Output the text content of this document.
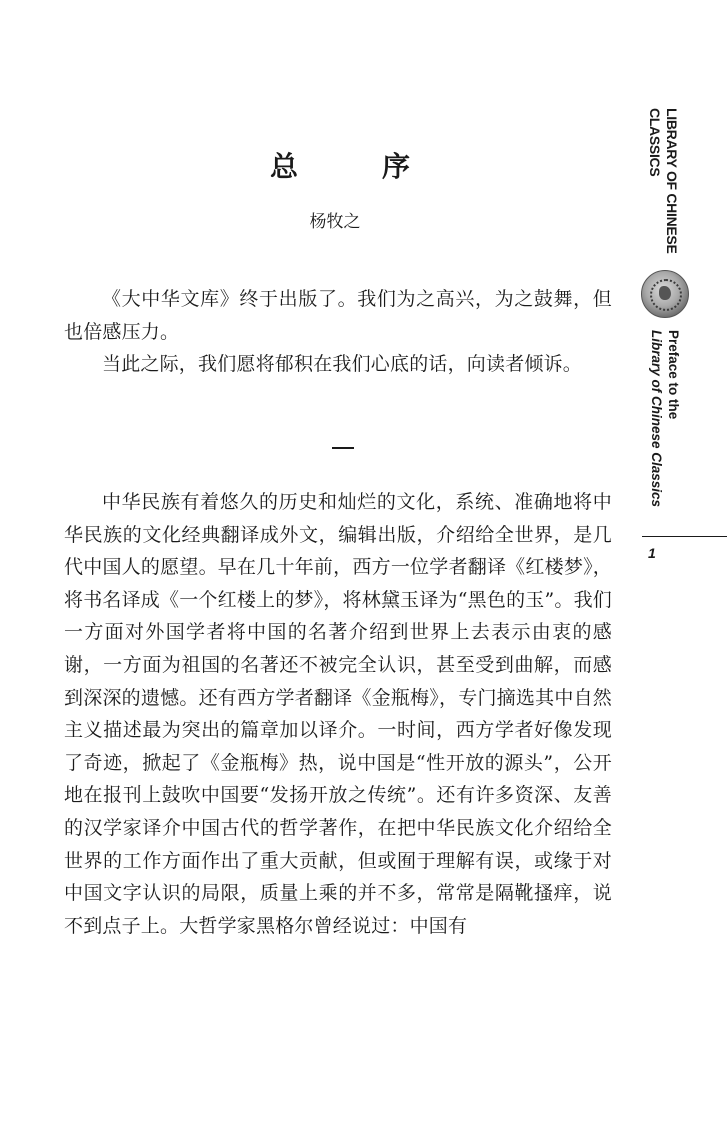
总	序
杨牧之

《大中华文库》终于出版了。我们为之高兴，为之鼓舞，但也倍感压力。

当此之际，我们愿将郁积在我们心底的话，向读者倾诉。

中华民族有着悠久的历史和灿烂的文化，系统、准确地将中华民族的文化经典翻译成外文，编辑出版，介绍给全世界，是几代中国人的愿望。早在几十年前，西方一位学者翻译《红楼梦》，将书名译成《一个红楼上的梦》，将林黛玉译为“黑色的玉”。我们一方面对外国学者将中国的名著介绍到世界上去表示由衷的感谢，一方面为祖国的名著还不被完全认识，甚至受到曲解，而感到深深的遗憾。还有西方学者翻译《金瓶梅》，专门摘选其中自然主义描述最为突出的篇章加以译介。一时间，西方学者好像发现了奇迹，掀起了《金瓶梅》热，说中国是“性开放的源头”，公开地在报刊上鼓吹中国要“发扬开放之传统”。还有许多资深、友善的汉学家译介中国古代的哲学著作，在把中华民族文化介绍给全世界的工作方面作出了重大贡献，但或囿于理解有误，或缘于对中国文字认识的局限，质量上乘的并不多，常常是隔靴搔痒，说不到点子上。大哲学家黑格尔曾经说过：中国有

LIBRARY OF CHINESE
CLASSICS
Preface to the
Library of Chinese Classics
1
